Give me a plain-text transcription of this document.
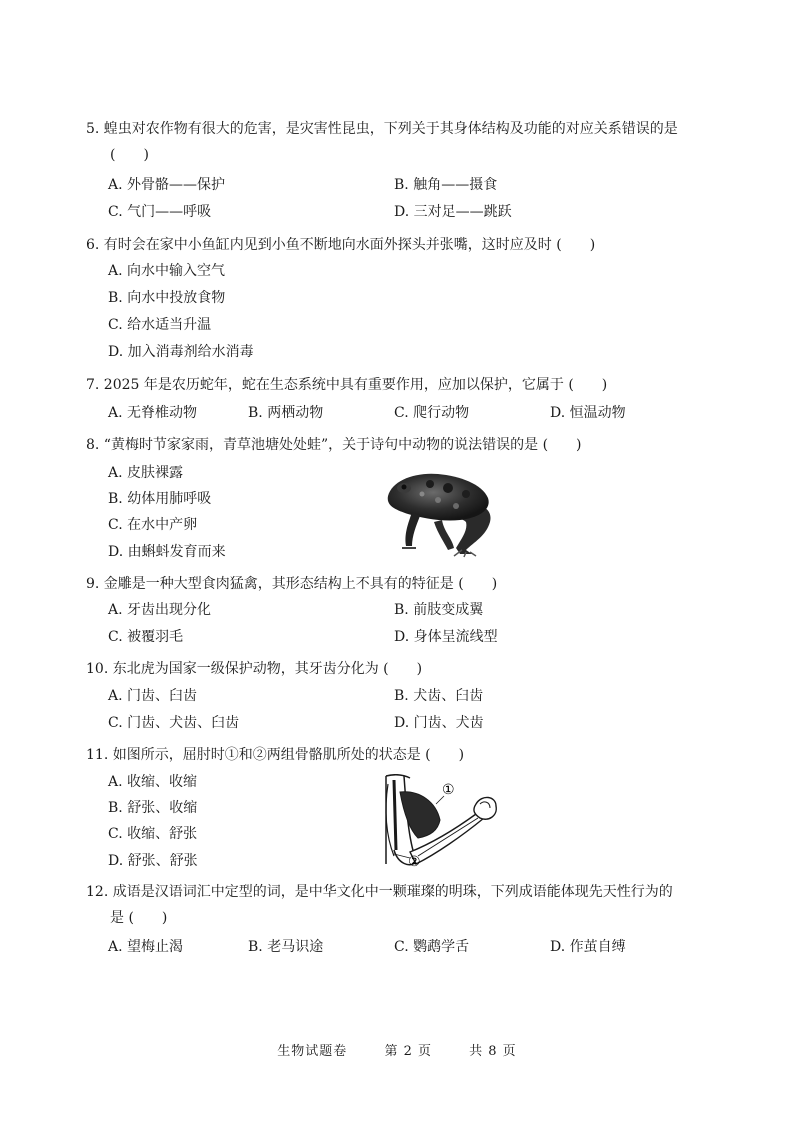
5. 蝗虫对农作物有很大的危害，是灾害性昆虫，下列关于其身体结构及功能的对应关系错误的是
(　　)
A. 外骨骼——保护	B. 触角——摄食
C. 气门——呼吸	D. 三对足——跳跃
6. 有时会在家中小鱼缸内见到小鱼不断地向水面外探头并张嘴，这时应及时 (　　)
A. 向水中输入空气
B. 向水中投放食物
C. 给水适当升温
D. 加入消毒剂给水消毒
7. 2025 年是农历蛇年，蛇在生态系统中具有重要作用，应加以保护，它属于 (　　)
A. 无脊椎动物	B. 两栖动物	C. 爬行动物	D. 恒温动物
8. “黄梅时节家家雨，青草池塘处处蛙”，关于诗句中动物的说法错误的是 (　　)
A. 皮肤裸露
B. 幼体用肺呼吸
C. 在水中产卵
D. 由蝌蚪发育而来
9. 金雕是一种大型食肉猛禽，其形态结构上不具有的特征是 (　　)
A. 牙齿出现分化	B. 前肢变成翼
C. 被覆羽毛	D. 身体呈流线型
10. 东北虎为国家一级保护动物，其牙齿分化为 (　　)
A. 门齿、臼齿	B. 犬齿、臼齿
C. 门齿、犬齿、臼齿	D. 门齿、犬齿
11. 如图所示，屈肘时①和②两组骨骼肌所处的状态是 (　　)
A. 收缩、收缩
B. 舒张、收缩
C. 收缩、舒张
D. 舒张、舒张
①
②
12. 成语是汉语词汇中定型的词，是中华文化中一颗璀璨的明珠，下列成语能体现先天性行为的
是 (　　)
A. 望梅止渴	B. 老马识途	C. 鹦鹉学舌	D. 作茧自缚
生物试题卷	第 2 页	共 8 页
